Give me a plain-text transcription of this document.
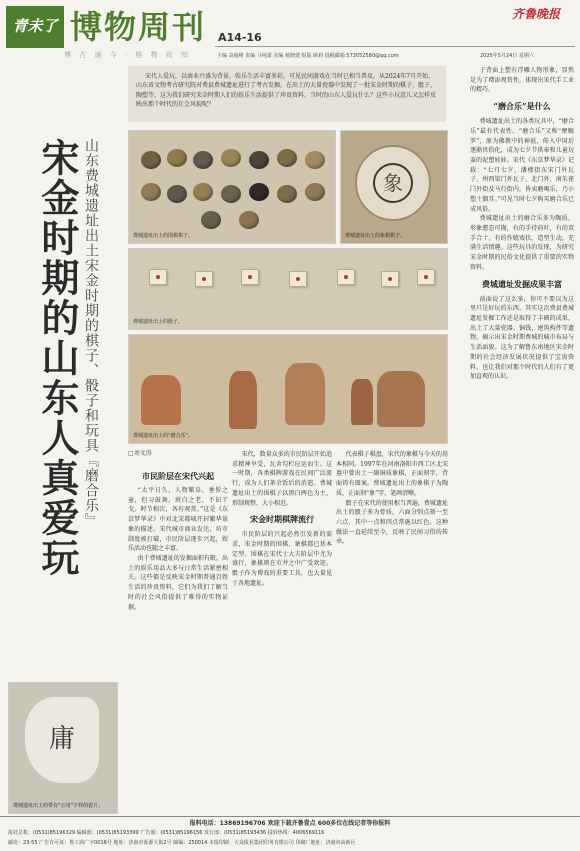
青未了 博物周刊 A14-16
齐鲁晚报
博 古 通 今 · 格 物 致 知	主编 高俊峰 责编 马纯潇 美编 杨晓建 组版 顾莉 投稿邮箱:573052580@qq.com	2025年5月24日 星期六
宋金时期的山东人真爱玩 山东费城遗址出土宋金时期的棋子、骰子和玩具『磨合乐』
宋代人爱玩，以商业兴盛为背景，娱乐生活丰富多彩，可见民间游戏在当时已相当普及。从2024年7月开始，山东省文物考古研究院对费县费城遗址进行了考古发掘，在出土的大量瓷器中发现了一批宋金时期的棋子、骰子、陶塑等，这为我们研究宋金时期人们的娱乐生活提供了珍贵资料。当时的山东人爱玩什么？这些小玩意儿又怎样反映出那个时代的社会风貌呢？
费城遗址出土的围棋棋子。
象
费城遗址出土的象棋棋子。
费城遗址出土的骰子。
费城遗址出土的“磨合乐”。
庸
费城遗址出土的带有“公用”字样的瓷片。
□刘文涛
市民阶层在宋代兴起

“太平日久，人物繁阜，垂髫之童，但习鼓舞，班白之老，不识干戈。时节相次，各有观赏。”这是《东京梦华录》中对北宋都城开封繁华景象的描述。宋代城市商业发达，坊市制度被打破，市民阶层逐步兴起，娱乐活动也随之丰富。

由于费城遗址的发掘面积有限，出土的娱乐用品大多与日常生活紧密相关。这些都是反映宋金时期普通百姓生活的珍贵资料，它们为我们了解当时的社会风俗提供了难得的实物证据。

宋代，数量众多的市民阶层开始追求精神享受，瓦舍勾栏应运而生。这一时期，各类棋牌游戏在民间广泛流行，成为人们茶余饭后的消遣。费城遗址出土的围棋子以黑白两色为主，形制规整，大小相近。

宋金时期棋牌流行

市民阶层的兴起必然引发新的需求，宋金时期的围棋、象棋都已基本定型。围棋在宋代士大夫阶层中尤为盛行，象棋则在市井之中广受欢迎。骰子作为博戏的重要工具，也大量见于各地遗址。

代表棋子棋盘，宋代的象棋与今天的基本相同。1997年在河南洛阳市西工区北宋墓中曾出土一副铜质象棋，正面刻字，背面铸有图案。费城遗址出土的象棋子为陶质，正面刻“象”字，笔画清晰。

骰子在宋代的使用相当普遍，费城遗址出土的骰子多为骨质，六面分别点刻一至六点，其中一点和四点常施以红色。这种做法一直延续至今，反映了民间习俗的传承。

子背面上塑有浮雕人物形象，显然是为了增添观赏性，体现出宋代手工业的精巧。

“磨合乐”是什么

费城遗址出土的各类玩具中，“磨合乐”最有代表性。“磨合乐”又称“摩睺罗”，原为佛教中的神祇，传入中国后逐渐世俗化，成为七夕节供奉和儿童玩耍的泥塑娃娃。宋代《东京梦华录》记载：“七月七夕，潘楼街东宋门外瓦子、州西梁门外瓦子、北门外、南朱雀门外街及马行街内，皆卖磨喝乐，乃小塑土偶耳。”可见当时七夕购买磨合乐已成风俗。

费城遗址出土的磨合乐多为陶质，形象憨态可掬，有的手持荷叶，有的双手合十，有的作嬉戏状，造型生动，充满生活情趣。这些玩具的发现，为研究宋金时期的民俗文化提供了重要的实物资料。

费城遗址发掘成果丰富

前面说了这么多，你可不要以为这里只是好玩的东西。其实这次费县费城遗址发掘工作还是取得了丰硕的成果，出土了大量瓷器、铜钱、建筑构件等遗物，揭示出宋金时期费城的城市布局与生活面貌。这为了解鲁东南地区宋金时期的社会经济发展状况提供了宝贵资料，也让我们对那个时代的人们有了更加直观的认识。

报料电话：13869196706 欢迎下载齐鲁壹点 600多位在线记者等你报料
报社总机：(0531)85196329 编辑部：(0531)85193399 广告部：(0531)85196156 发行部：(0531)85193436 投诉热线：4006569116
邮发：23-55 广告许可证：鲁工商广字0016号 地址：济南市泺源大街2号 邮编：250014 本报印刷：大众报业集团印务有限公司 印刷厂地址：济南市高新区
